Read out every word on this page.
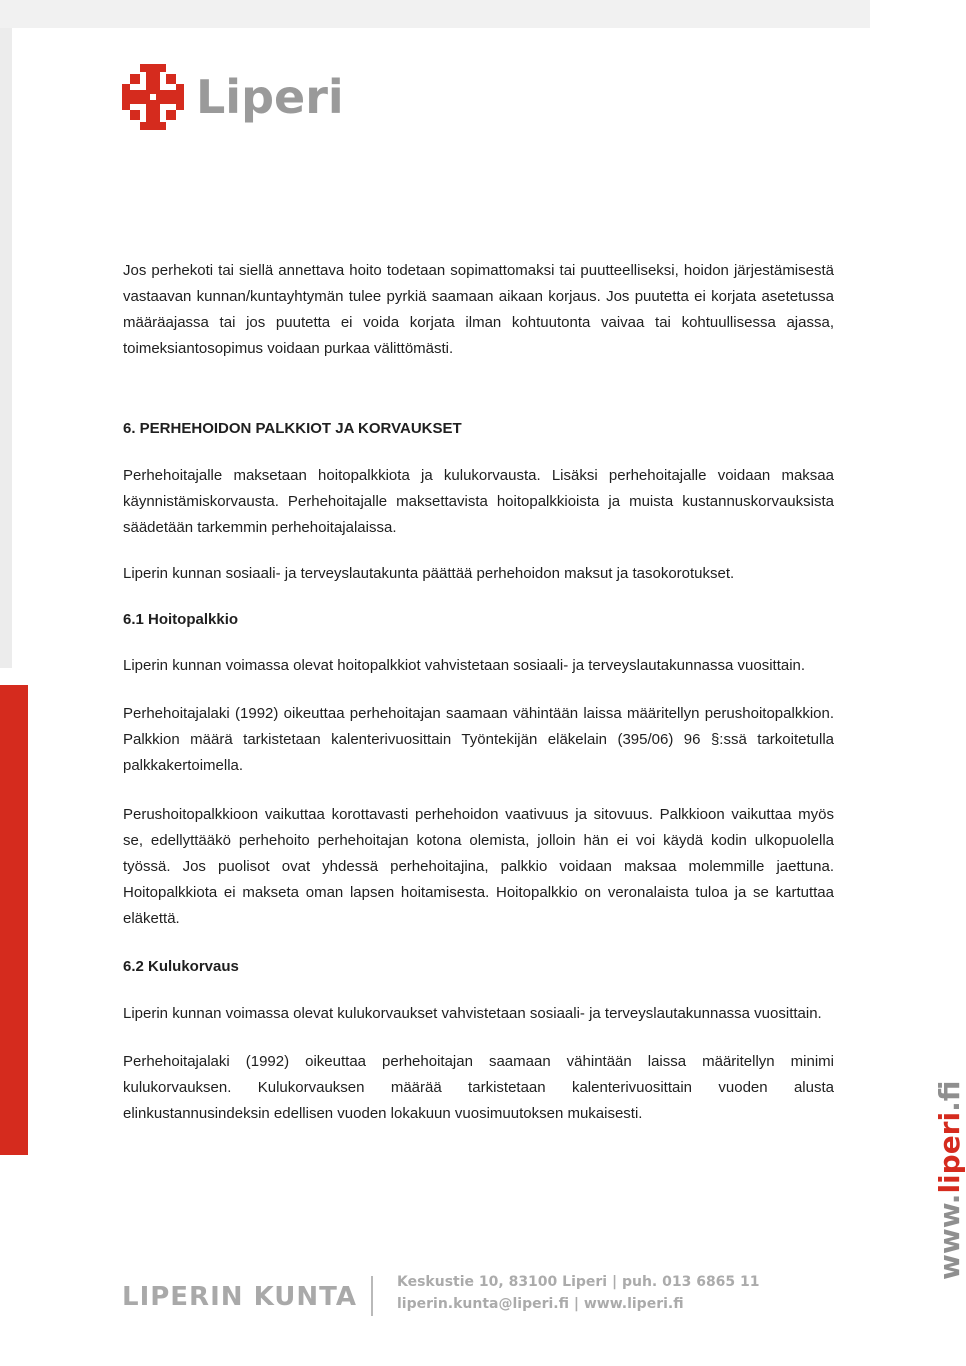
Liperi

Jos perhekoti tai siellä annettava hoito todetaan sopimattomaksi tai puutteelliseksi, hoidon järjestämisestä vastaavan kunnan/kuntayhtymän tulee pyrkiä saamaan aikaan korjaus. Jos puutetta ei korjata asetetussa määräajassa tai jos puutetta ei voida korjata ilman kohtuutonta vaivaa tai kohtuullisessa ajassa, toimeksiantosopimus voidaan purkaa välittömästi.

6. PERHEHOIDON PALKKIOT JA KORVAUKSET

Perhehoitajalle maksetaan hoitopalkkiota ja kulukorvausta. Lisäksi perhehoitajalle voidaan maksaa käynnistämiskorvausta. Perhehoitajalle maksettavista hoitopalkkioista ja muista kustannuskorvauksista säädetään tarkemmin perhehoitajalaissa.

Liperin kunnan sosiaali- ja terveyslautakunta päättää perhehoidon maksut ja tasokorotukset.

6.1 Hoitopalkkio

Liperin kunnan voimassa olevat hoitopalkkiot vahvistetaan sosiaali- ja terveyslautakunnassa vuosittain.

Perhehoitajalaki (1992) oikeuttaa perhehoitajan saamaan vähintään laissa määritellyn perushoitopalkkion. Palkkion määrä tarkistetaan kalenterivuosittain Työntekijän eläkelain (395/06) 96 §:ssä tarkoitetulla palkkakertoimella.

Perushoitopalkkioon vaikuttaa korottavasti perhehoidon vaativuus ja sitovuus. Palkkioon vaikuttaa myös se, edellyttääkö perhehoito perhehoitajan kotona olemista, jolloin hän ei voi käydä kodin ulkopuolella työssä. Jos puolisot ovat yhdessä perhehoitajina, palkkio voidaan maksaa molemmille jaettuna. Hoitopalkkiota ei makseta oman lapsen hoitamisesta. Hoitopalkkio on veronalaista tuloa ja se kartuttaa eläkettä.

6.2 Kulukorvaus

Liperin kunnan voimassa olevat kulukorvaukset vahvistetaan sosiaali- ja terveyslautakunnassa vuosittain.

Perhehoitajalaki (1992) oikeuttaa perhehoitajan saamaan vähintään laissa määritellyn minimi kulukorvauksen. Kulukorvauksen määrää tarkistetaan kalenterivuosittain vuoden alusta elinkustannusindeksin edellisen vuoden lokakuun vuosimuutoksen mukaisesti.

LIPERIN KUNTA	Keskustie 10, 83100 Liperi | puh. 013 6865 11
liperin.kunta@liperi.fi | www.liperi.fi
www.liperi.fi
